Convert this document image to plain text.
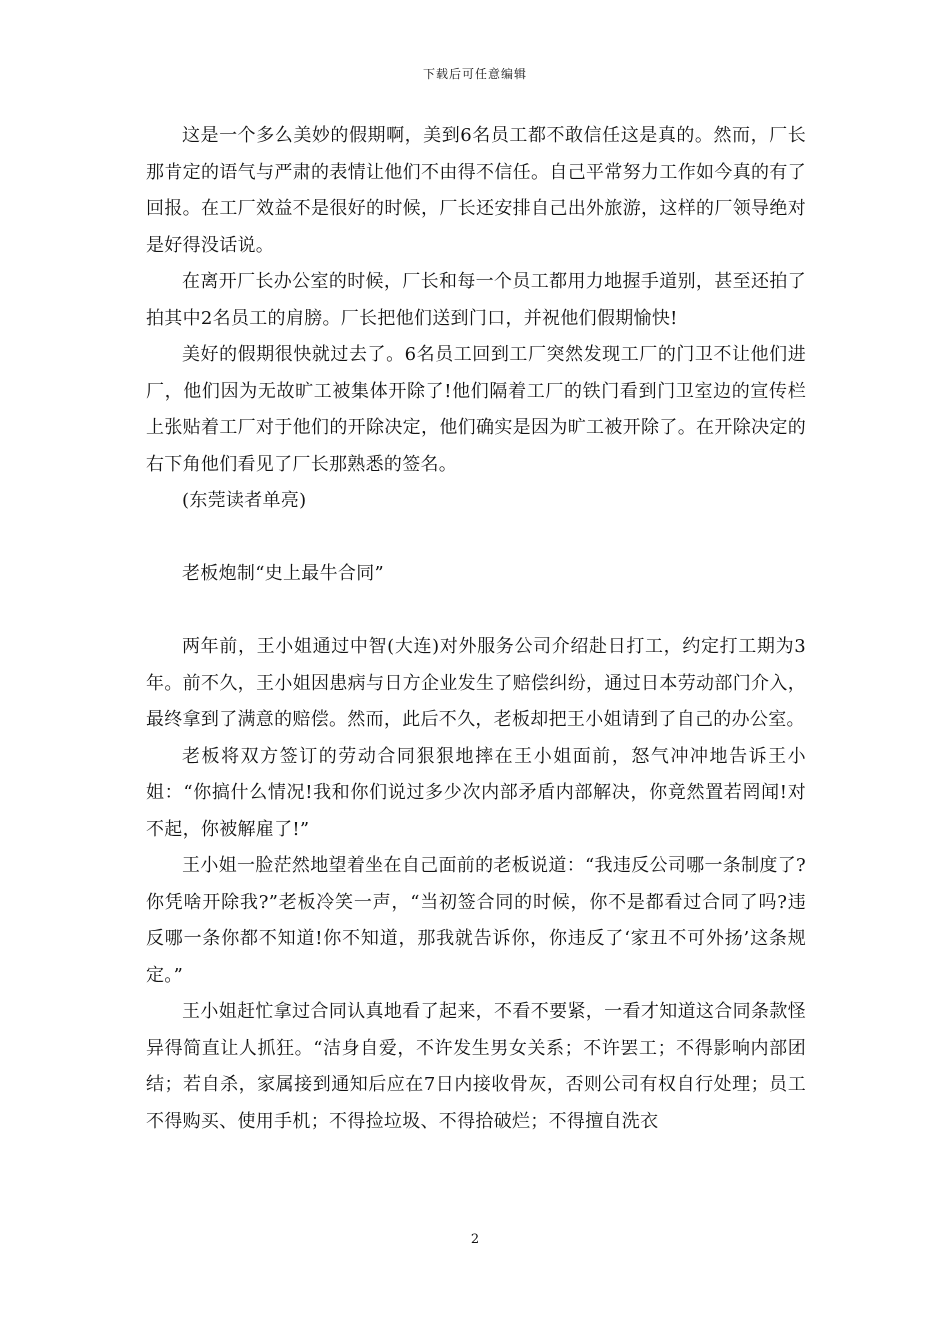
下载后可任意编辑

这是一个多么美妙的假期啊，美到6名员工都不敢信任这是真的。然而，厂长那肯定的语气与严肃的表情让他们不由得不信任。自己平常努力工作如今真的有了回报。在工厂效益不是很好的时候，厂长还安排自己出外旅游，这样的厂领导绝对是好得没话说。

在离开厂长办公室的时候，厂长和每一个员工都用力地握手道别，甚至还拍了拍其中2名员工的肩膀。厂长把他们送到门口，并祝他们假期愉快!

美好的假期很快就过去了。6名员工回到工厂突然发现工厂的门卫不让他们进厂，他们因为无故旷工被集体开除了!他们隔着工厂的铁门看到门卫室边的宣传栏上张贴着工厂对于他们的开除决定，他们确实是因为旷工被开除了。在开除决定的右下角他们看见了厂长那熟悉的签名。

(东莞读者单亮)

老板炮制“史上最牛合同”

两年前，王小姐通过中智(大连)对外服务公司介绍赴日打工，约定打工期为3年。前不久，王小姐因患病与日方企业发生了赔偿纠纷，通过日本劳动部门介入，最终拿到了满意的赔偿。然而，此后不久，老板却把王小姐请到了自己的办公室。

老板将双方签订的劳动合同狠狠地摔在王小姐面前，怒气冲冲地告诉王小姐：“你搞什么情况!我和你们说过多少次内部矛盾内部解决，你竟然置若罔闻!对不起，你被解雇了!”

王小姐一脸茫然地望着坐在自己面前的老板说道：“我违反公司哪一条制度了?你凭啥开除我?”老板冷笑一声，“当初签合同的时候，你不是都看过合同了吗?违反哪一条你都不知道!你不知道，那我就告诉你，你违反了‘家丑不可外扬’这条规定。”

王小姐赶忙拿过合同认真地看了起来，不看不要紧，一看才知道这合同条款怪异得简直让人抓狂。“洁身自爱，不许发生男女关系；不许罢工；不得影响内部团结；若自杀，家属接到通知后应在7日内接收骨灰，否则公司有权自行处理；员工不得购买、使用手机；不得捡垃圾、不得拾破烂；不得擅自洗衣

2
